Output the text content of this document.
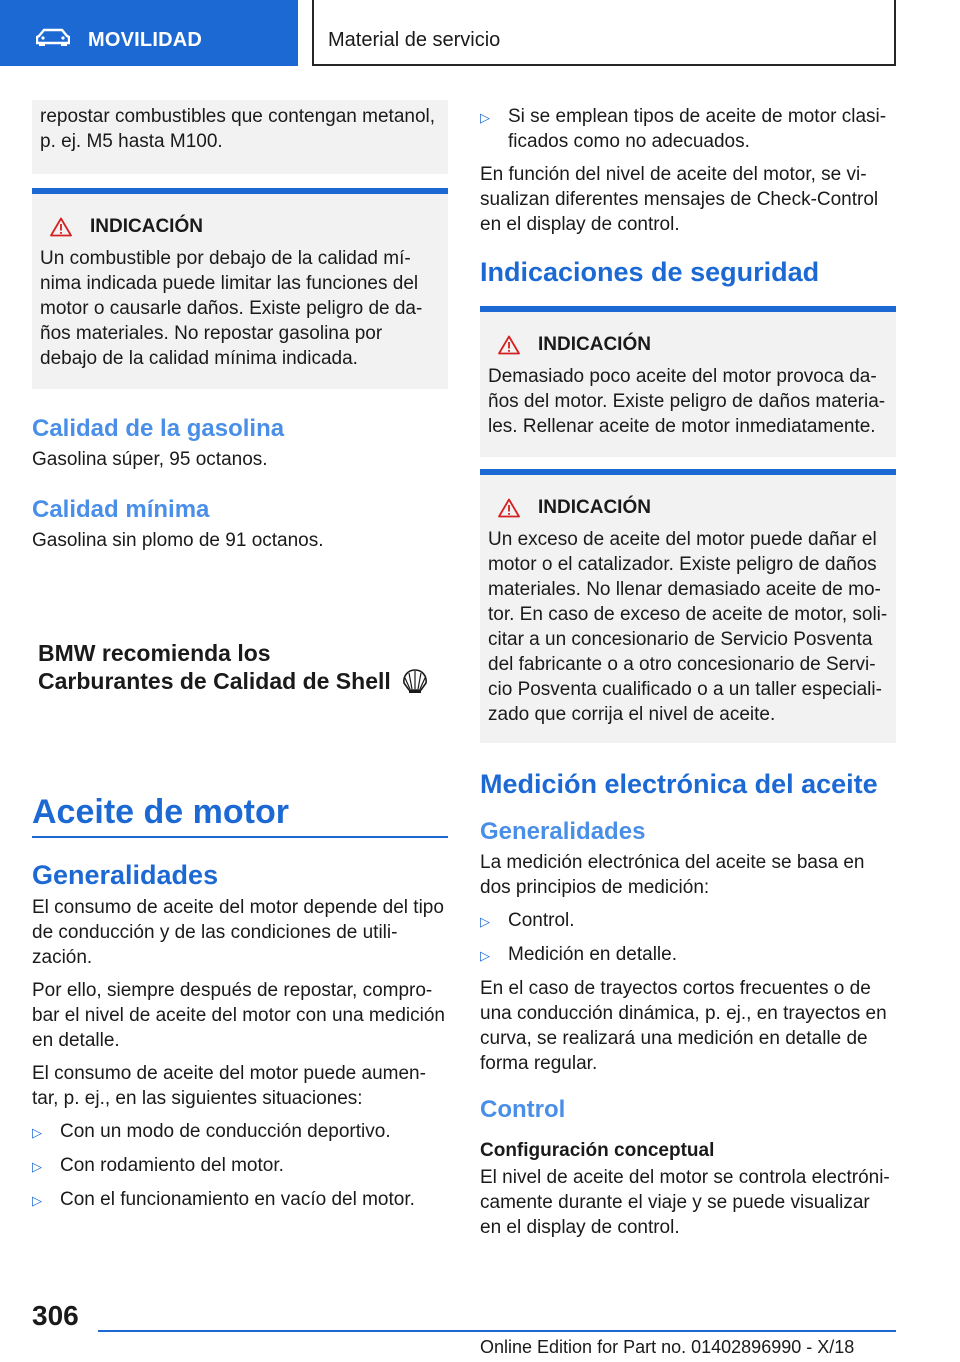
MOVILIDAD	Material de servicio

repostar combustibles que contengan metanol, p. ej. M5 hasta M100.

INDICACIÓN

Un combustible por debajo de la calidad mí-nima indicada puede limitar las funciones del motor o causarle daños. Existe peligro de da-ños materiales. No repostar gasolina por debajo de la calidad mínima indicada.

Calidad de la gasolina

Gasolina súper, 95 octanos.

Calidad mínima

Gasolina sin plomo de 91 octanos.

BMW recomienda los
Carburantes de Calidad de Shell
Aceite de motor
Generalidades

El consumo de aceite del motor depende del tipo de conducción y de las condiciones de utili-zación.

Por ello, siempre después de repostar, compro-bar el nivel de aceite del motor con una medición en detalle.

El consumo de aceite del motor puede aumen-tar, p. ej., en las siguientes situaciones:

▷ Con un modo de conducción deportivo.
▷ Con rodamiento del motor.
▷ Con el funcionamiento en vacío del motor.
▷ Si se emplean tipos de aceite de motor clasi-ficados como no adecuados.

En función del nivel de aceite del motor, se vi-sualizan diferentes mensajes de Check-Control en el display de control.

Indicaciones de seguridad
INDICACIÓN

Demasiado poco aceite del motor provoca da-ños del motor. Existe peligro de daños materia-les. Rellenar aceite de motor inmediatamente.

INDICACIÓN

Un exceso de aceite del motor puede dañar el motor o el catalizador. Existe peligro de daños materiales. No llenar demasiado aceite de mo-tor. En caso de exceso de aceite de motor, soli-citar a un concesionario de Servicio Posventa del fabricante o a otro concesionario de Servi-cio Posventa cualificado o a un taller especiali-zado que corrija el nivel de aceite.

Medición electrónica del aceite
Generalidades

La medición electrónica del aceite se basa en dos principios de medición:

▷ Control.
▷ Medición en detalle.

En el caso de trayectos cortos frecuentes o de una conducción dinámica, p. ej., en trayectos en curva, se realizará una medición en detalle de forma regular.

Control

Configuración conceptual

El nivel de aceite del motor se controla electróni-camente durante el viaje y se puede visualizar en el display de control.

306
Online Edition for Part no. 01402896990 - X/18
